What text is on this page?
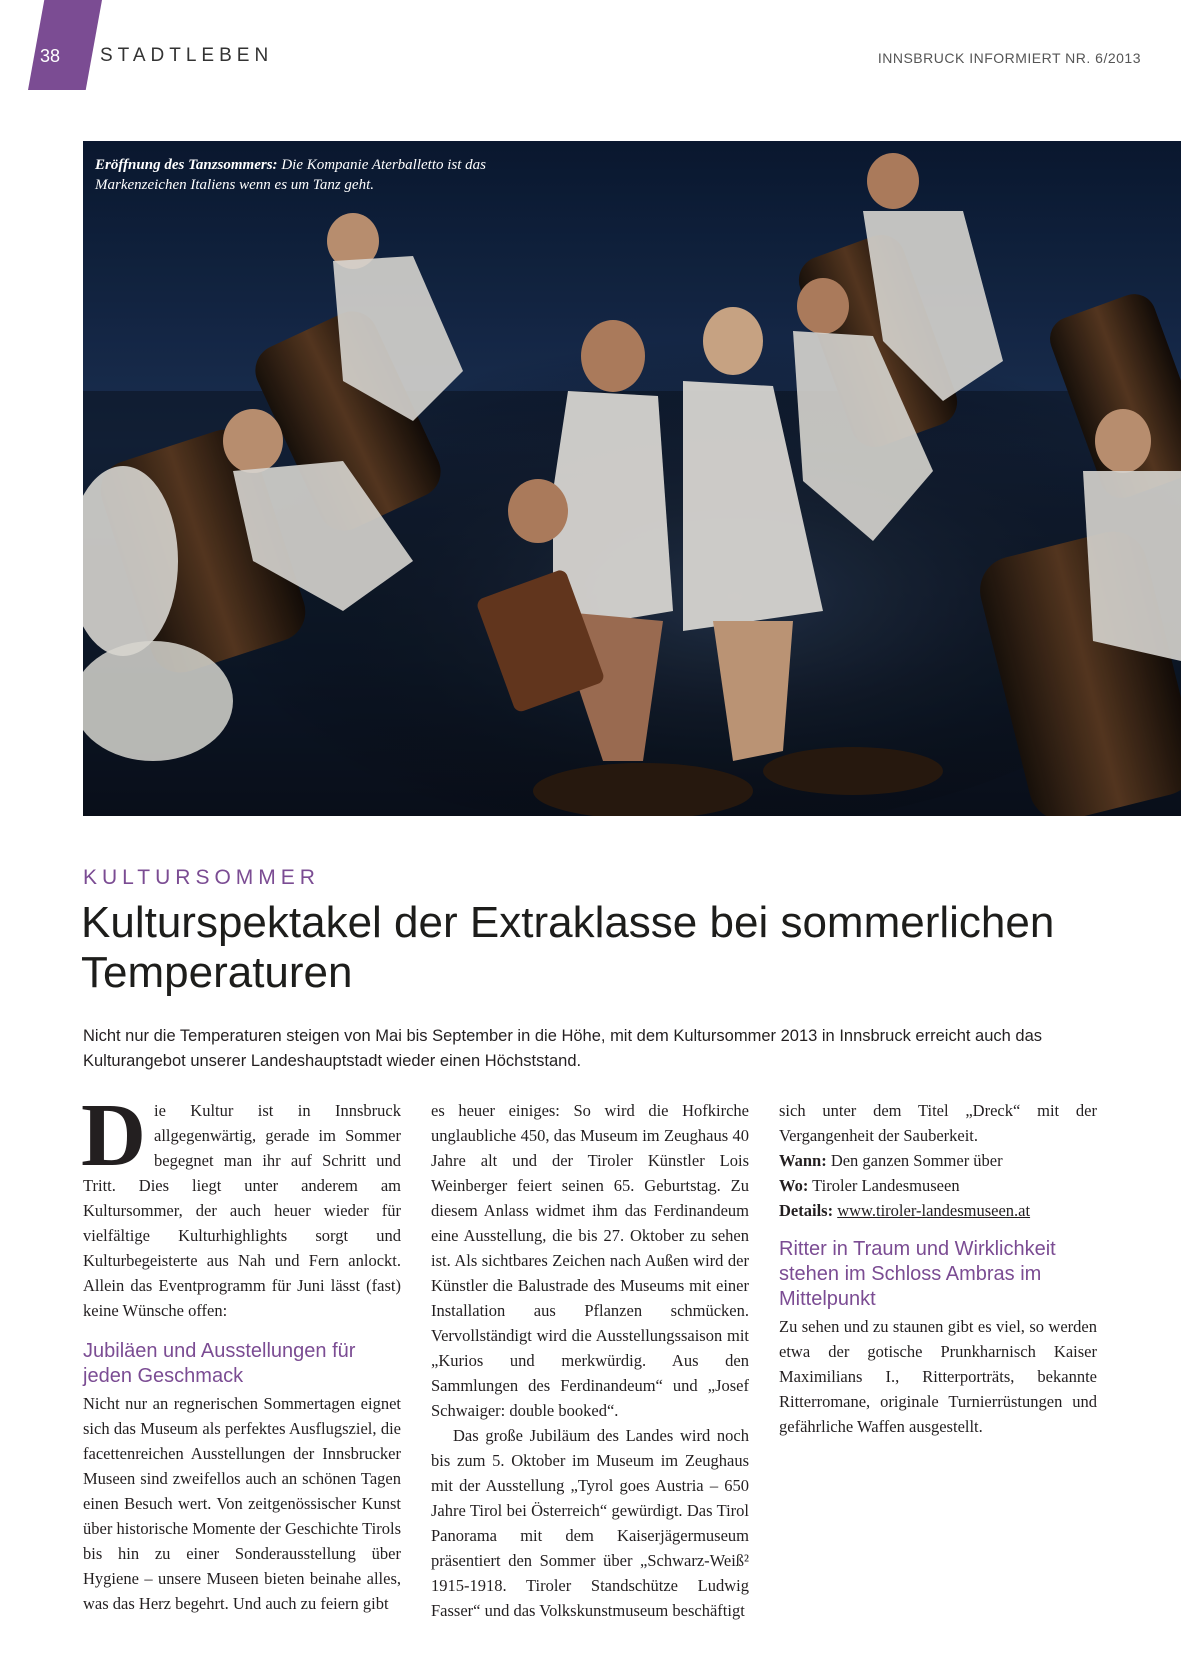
38	STADTLEBEN	INNSBRUCK INFORMIERT NR. 6/2013
Eröffnung des Tanzsommers: Die Kompanie Aterballetto ist das Markenzeichen Italiens wenn es um Tanz geht.
KULTURSOMMER
Kulturspektakel der Extraklasse bei sommerlichen Temperaturen
Nicht nur die Temperaturen steigen von Mai bis September in die Höhe, mit dem Kultursommer 2013 in Innsbruck erreicht auch das Kulturangebot unserer Landeshauptstadt wieder einen Höchststand.

Die Kultur ist in Innsbruck allgegenwärtig, gerade im Sommer begegnet man ihr auf Schritt und Tritt. Dies liegt unter anderem am Kultursommer, der auch heuer wieder für vielfältige Kulturhighlights sorgt und Kulturbegeisterte aus Nah und Fern anlockt. Allein das Eventprogramm für Juni lässt (fast) keine Wünsche offen:

Jubiläen und Ausstellungen für jeden Geschmack

Nicht nur an regnerischen Sommertagen eignet sich das Museum als perfektes Ausflugsziel, die facettenreichen Ausstellungen der Innsbrucker Museen sind zweifellos auch an schönen Tagen einen Besuch wert. Von zeitgenössischer Kunst über historische Momente der Geschichte Tirols bis hin zu einer Sonderausstellung über Hygiene – unsere Museen bieten beinahe alles, was das Herz begehrt. Und auch zu feiern gibt

es heuer einiges: So wird die Hofkirche unglaubliche 450, das Museum im Zeughaus 40 Jahre alt und der Tiroler Künstler Lois Weinberger feiert seinen 65. Geburtstag. Zu diesem Anlass widmet ihm das Ferdinandeum eine Ausstellung, die bis 27. Oktober zu sehen ist. Als sichtbares Zeichen nach Außen wird der Künstler die Balustrade des Museums mit einer Installation aus Pflanzen schmücken. Vervollständigt wird die Ausstellungssaison mit „Kurios und merkwürdig. Aus den Sammlungen des Ferdinandeum“ und „Josef Schwaiger: double booked“.

Das große Jubiläum des Landes wird noch bis zum 5. Oktober im Museum im Zeughaus mit der Ausstellung „Tyrol goes Austria – 650 Jahre Tirol bei Österreich“ gewürdigt. Das Tirol Panorama mit dem Kaiserjägermuseum präsentiert den Sommer über „Schwarz-Weiß² 1915-1918. Tiroler Standschütze Ludwig Fasser“ und das Volkskunstmuseum beschäftigt

sich unter dem Titel „Dreck“ mit der Vergangenheit der Sauberkeit.

Wann: Den ganzen Sommer über

Wo: Tiroler Landesmuseen

Details: www.tiroler-landesmuseen.at

Ritter in Traum und Wirklichkeit stehen im Schloss Ambras im Mittelpunkt

Zu sehen und zu staunen gibt es viel, so werden etwa der gotische Prunkharnisch Kaiser Maximilians I., Ritterporträts, bekannte Ritterromane, originale Turnierrüstungen und gefährliche Waffen ausgestellt.
